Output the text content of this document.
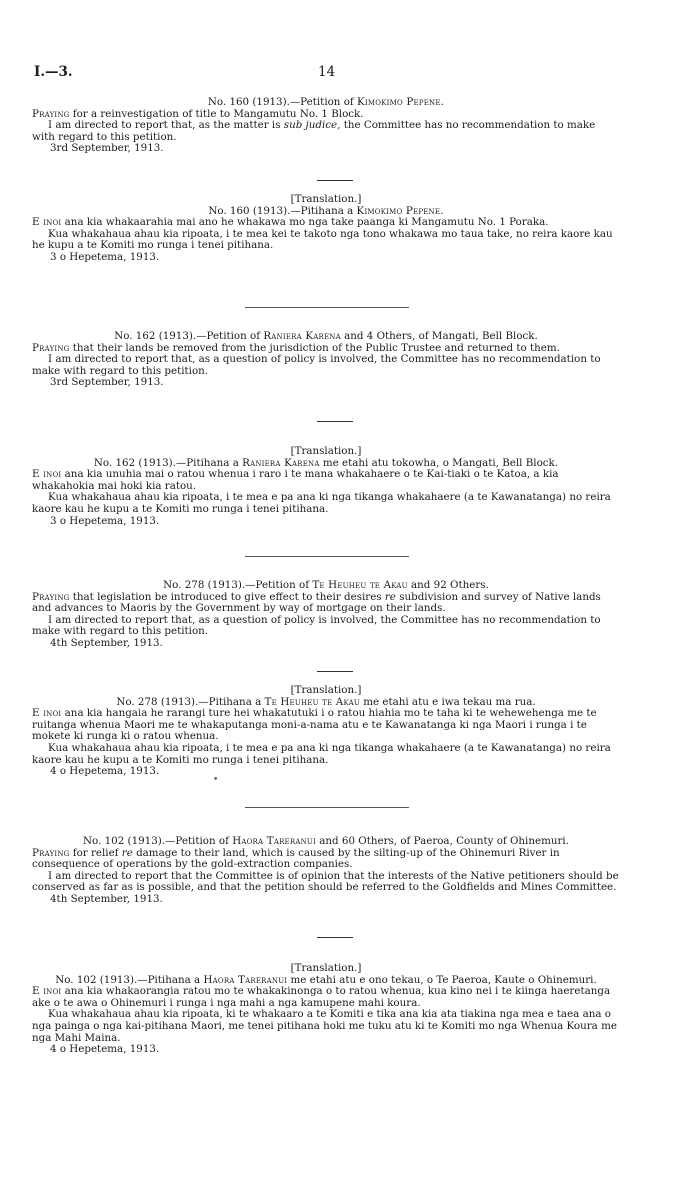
I.—3.	14

No. 160 (1913).—Petition of Kimokimo Pepene.

Praying for a reinvestigation of title to Mangamutu No. 1 Block.

I am directed to report that, as the matter is sub judice, the Committee has no recommendation to make with regard to this petition.

3rd September, 1913.

[Translation.]

No. 160 (1913).—Pitihana a Kimokimo Pepene.

E inoi ana kia whakaarahia mai ano he whakawa mo nga take paanga ki Mangamutu No. 1 Poraka.

Kua whakahaua ahau kia ripoata, i te mea kei te takoto nga tono whakawa mo taua take, no reira kaore kau he kupu a te Komiti mo runga i tenei pitihana.

3 o Hepetema, 1913.

No. 162 (1913).—Petition of Raniera Karena and 4 Others, of Mangati, Bell Block.

Praying that their lands be removed from the jurisdiction of the Public Trustee and returned to them.

I am directed to report that, as a question of policy is involved, the Committee has no recommendation to make with regard to this petition.

3rd September, 1913.

[Translation.]

No. 162 (1913).—Pitihana a Raniera Karena me etahi atu tokowha, o Mangati, Bell Block.

E inoi ana kia unuhia mai o ratou whenua i raro i te mana whakahaere o te Kai-tiaki o te Katoa, a kia whakahokia mai hoki kia ratou.

Kua whakahaua ahau kia ripoata, i te mea e pa ana ki nga tikanga whakahaere (a te Kawanatanga) no reira kaore kau he kupu a te Komiti mo runga i tenei pitihana.

3 o Hepetema, 1913.

No. 278 (1913).—Petition of Te Heuheu te Akau and 92 Others.

Praying that legislation be introduced to give effect to their desires re subdivision and survey of Native lands and advances to Maoris by the Government by way of mortgage on their lands.

I am directed to report that, as a question of policy is involved, the Committee has no recommendation to make with regard to this petition.

4th September, 1913.

[Translation.]

No. 278 (1913).—Pitihana a Te Heuheu te Akau me etahi atu e iwa tekau ma rua.

E inoi ana kia hangaia he rarangi ture hei whakatutuki i o ratou hiahia mo te taha ki te wehewehenga me te ruitanga whenua Maori me te whakaputanga moni-a-nama atu e te Kawanatanga ki nga Maori i runga i te mokete ki runga ki o ratou whenua.

Kua whakahaua ahau kia ripoata, i te mea e pa ana ki nga tikanga whakahaere (a te Kawanatanga) no reira kaore kau he kupu a te Komiti mo runga i tenei pitihana.

4 o Hepetema, 1913.

•

No. 102 (1913).—Petition of Haora Tareranui and 60 Others, of Paeroa, County of Ohinemuri.

Praying for relief re damage to their land, which is caused by the silting-up of the Ohinemuri River in consequence of operations by the gold-extraction companies.

I am directed to report that the Committee is of opinion that the interests of the Native petitioners should be conserved as far as is possible, and that the petition should be referred to the Goldfields and Mines Committee.

4th September, 1913.

[Translation.]

No. 102 (1913).—Pitihana a Haora Tareranui me etahi atu e ono tekau, o Te Paeroa, Kaute o Ohinemuri.

E inoi ana kia whakaorangia ratou mo te whakakinonga o to ratou whenua, kua kino nei i te kiinga haeretanga ake o te awa o Ohinemuri i runga i nga mahi a nga kamupene mahi koura.

Kua whakahaua ahau kia ripoata, ki te whakaaro a te Komiti e tika ana kia ata tiakina nga mea e taea ana o nga painga o nga kai-pitihana Maori, me tenei pitihana hoki me tuku atu ki te Komiti mo nga Whenua Koura me nga Mahi Maina.

4 o Hepetema, 1913.
